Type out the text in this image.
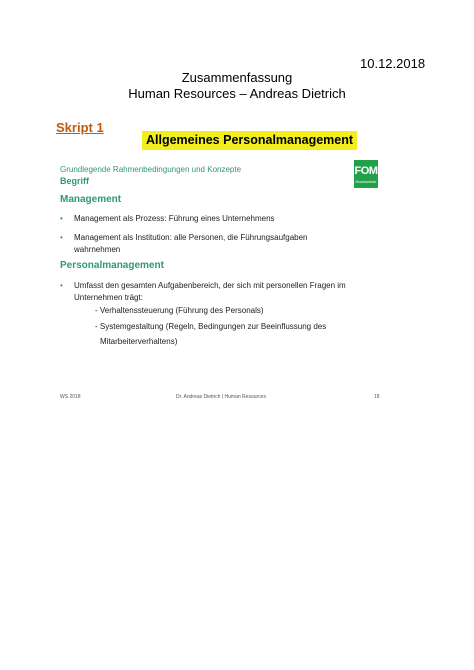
10.12.2018
Zusammenfassung
Human Resources – Andreas Dietrich
Skript 1
Allgemeines Personalmanagement
Grundlegende Rahmenbedingungen und Konzepte
Begriff
FOM
Hochschule
Management
• Management als Prozess: Führung eines Unternehmens
• Management als Institution: alle Personen, die Führungsaufgaben wahrnehmen
Personalmanagement
• Umfasst den gesamten Aufgabenbereich, der sich mit personellen Fragen im Unternehmen trägt:
- Verhaltenssteuerung (Führung des Personals)
- Systemgestaltung (Regeln, Bedingungen zur Beeinflussung des
Mitarbeiterverhaltens)
WS 2018	Dr. Andreas Dietrich | Human Resources	18
